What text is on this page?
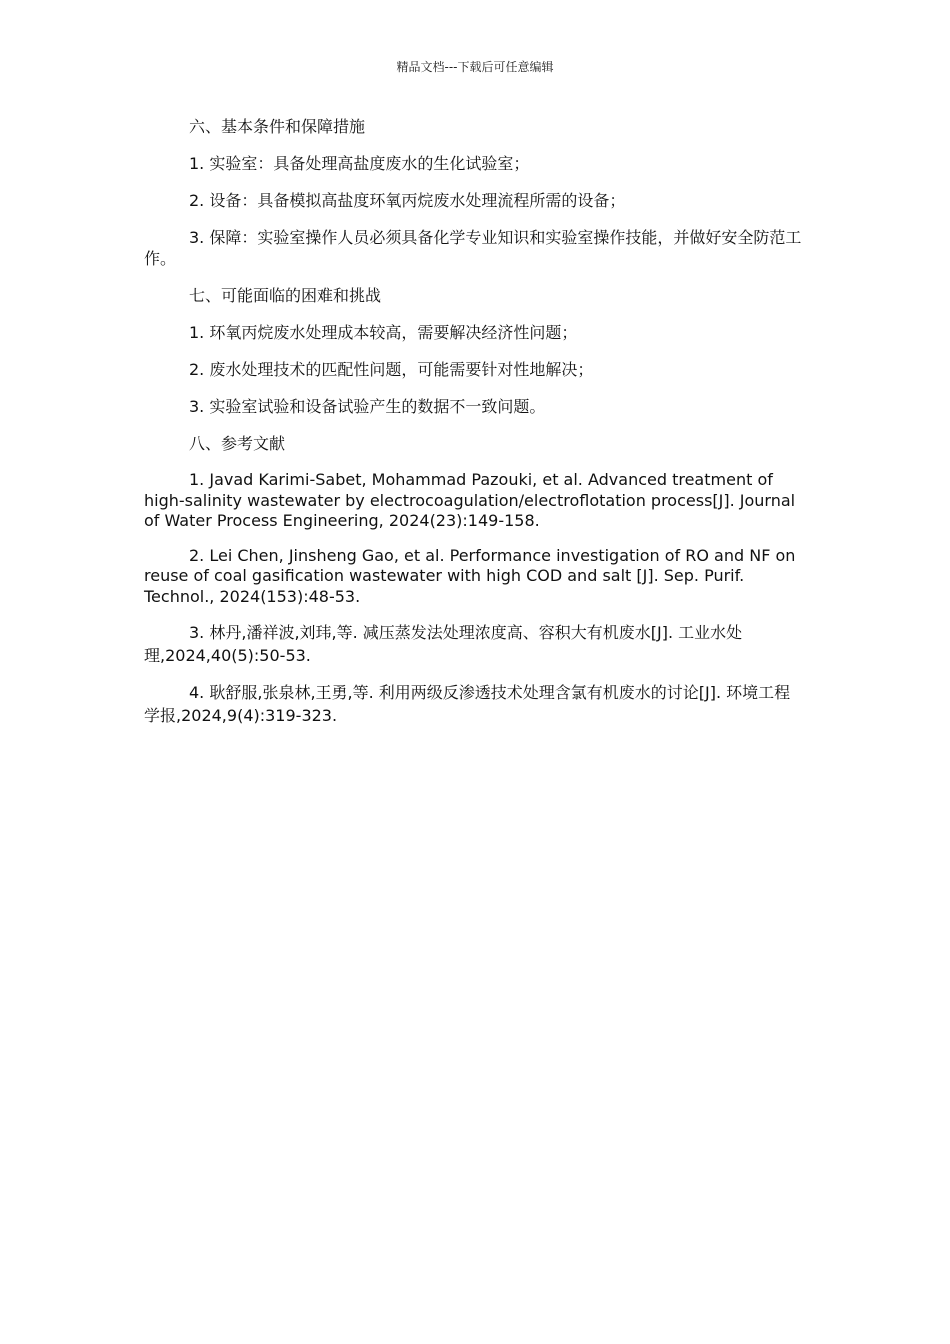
精品文档---下载后可任意编辑

六、基本条件和保障措施

1. 实验室：具备处理高盐度废水的生化试验室；

2. 设备：具备模拟高盐度环氧丙烷废水处理流程所需的设备；

3. 保障：实验室操作人员必须具备化学专业知识和实验室操作技能，并做好安全防范工作。

七、可能面临的困难和挑战

1. 环氧丙烷废水处理成本较高，需要解决经济性问题；

2. 废水处理技术的匹配性问题，可能需要针对性地解决；

3. 实验室试验和设备试验产生的数据不一致问题。

八、参考文献

1. Javad Karimi-Sabet, Mohammad Pazouki, et al. Advanced treatment of high-salinity wastewater by electrocoagulation/electroflotation process[J]. Journal of Water Process Engineering, 2024(23):149-158.

2. Lei Chen, Jinsheng Gao, et al. Performance investigation of RO and NF on reuse of coal gasification wastewater with high COD and salt [J]. Sep. Purif. Technol., 2024(153):48-53.

3. 林丹,潘祥波,刘玮,等. 减压蒸发法处理浓度高、容积大有机废水[J]. 工业水处理,2024,40(5):50-53.

4. 耿舒服,张泉林,王勇,等. 利用两级反渗透技术处理含氯有机废水的讨论[J]. 环境工程学报,2024,9(4):319-323.
